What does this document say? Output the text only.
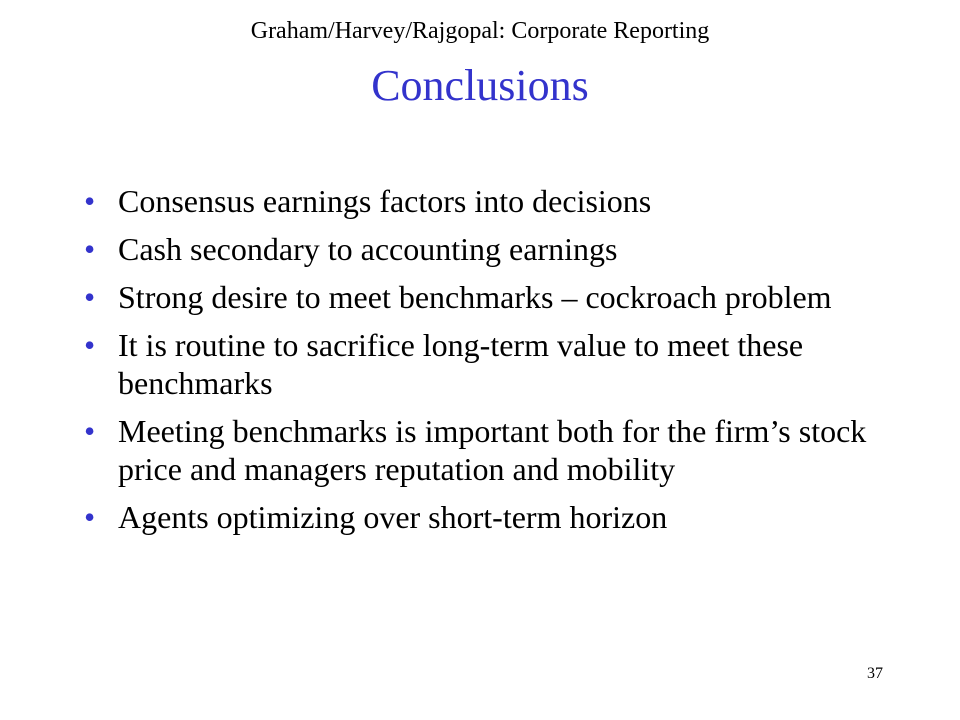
Graham/Harvey/Rajgopal: Corporate Reporting
Conclusions
• Consensus earnings factors into decisions
• Cash secondary to accounting earnings
• Strong desire to meet benchmarks – cockroach problem
• It is routine to sacrifice long-term value to meet these benchmarks
• Meeting benchmarks is important both for the firm’s stock price and managers reputation and mobility
• Agents optimizing over short-term horizon
37
